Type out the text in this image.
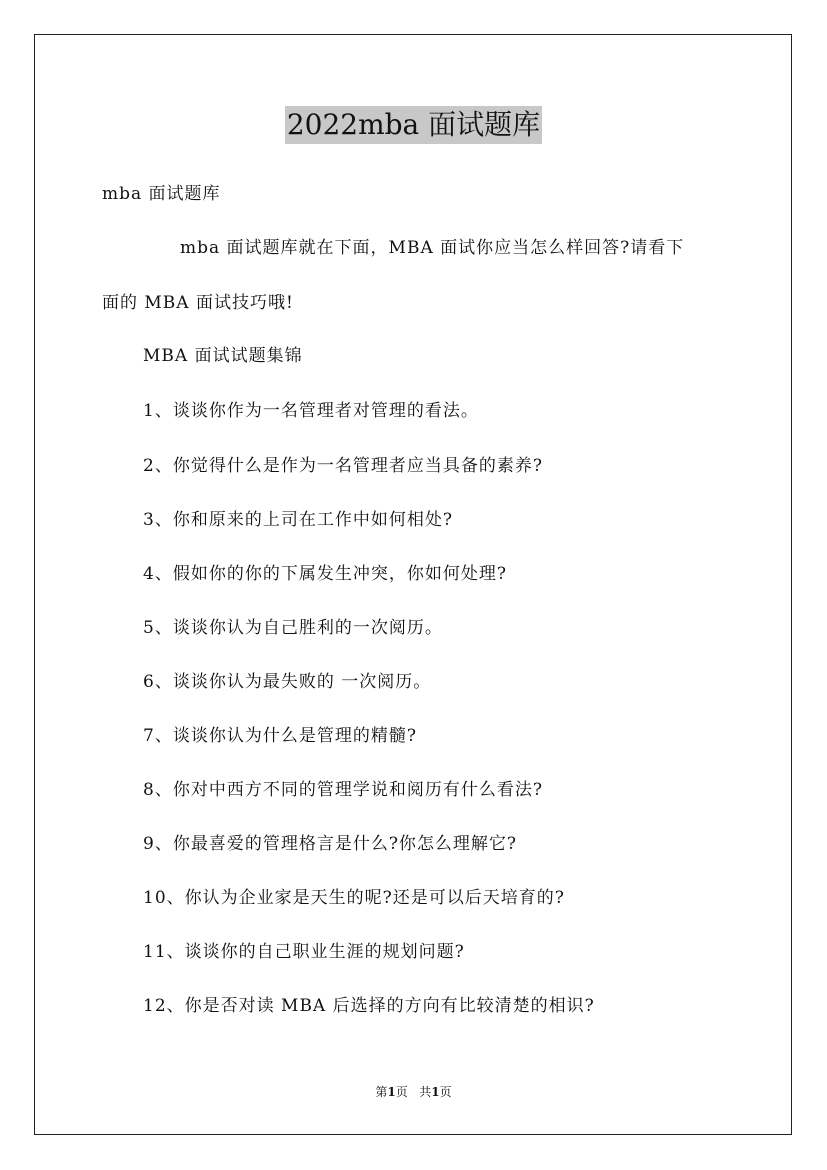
2022mba 面试题库

mba 面试题库

mba 面试题库就在下面，MBA 面试你应当怎么样回答?请看下

面的 MBA 面试技巧哦!

MBA 面试试题集锦

1、谈谈你作为一名管理者对管理的看法。

2、你觉得什么是作为一名管理者应当具备的素养?

3、你和原来的上司在工作中如何相处?

4、假如你的你的下属发生冲突，你如何处理?

5、谈谈你认为自己胜利的一次阅历。

6、谈谈你认为最失败的 一次阅历。

7、谈谈你认为什么是管理的精髓?

8、你对中西方不同的管理学说和阅历有什么看法?

9、你最喜爱的管理格言是什么?你怎么理解它?

10、你认为企业家是天生的呢?还是可以后天培育的?

11、谈谈你的自己职业生涯的规划问题?

12、你是否对读 MBA 后选择的方向有比较清楚的相识?

第1页 共1页
